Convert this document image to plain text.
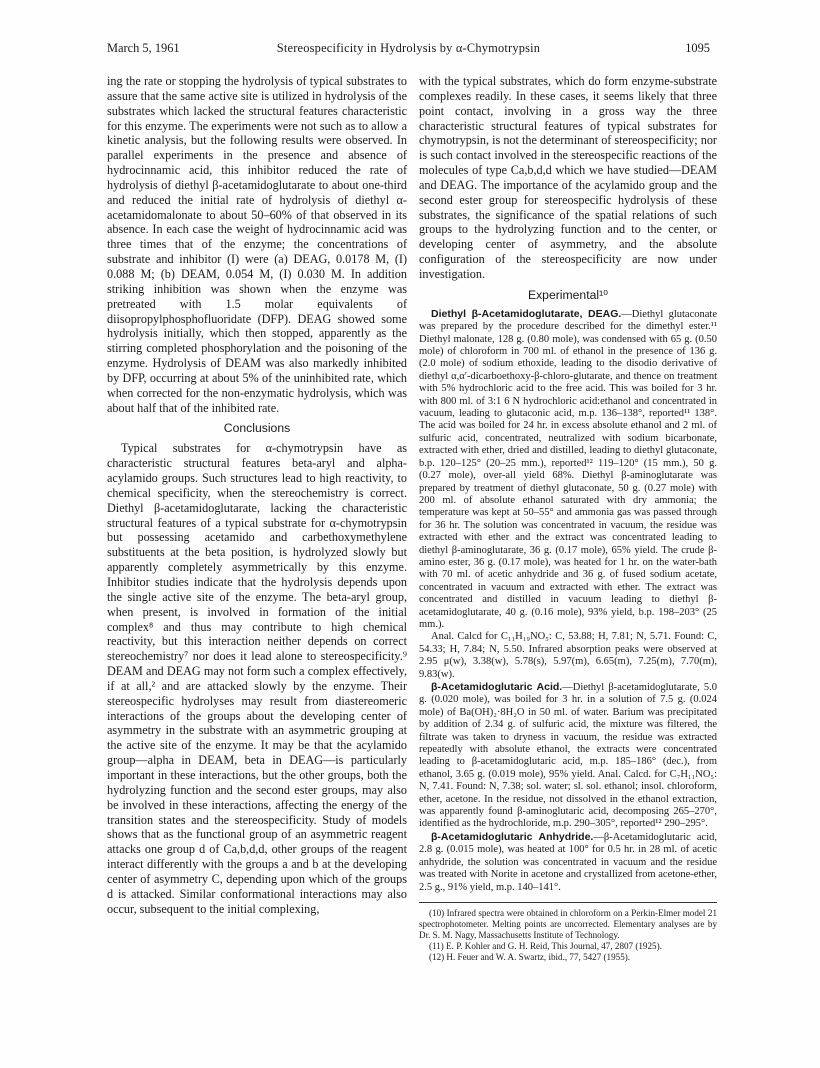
March 5, 1961	Stereospecificity in Hydrolysis by α-Chymotrypsin	1095

ing the rate or stopping the hydrolysis of typical substrates to assure that the same active site is utilized in hydrolysis of the substrates which lacked the structural features characteristic for this enzyme. The experiments were not such as to allow a kinetic analysis, but the following results were observed. In parallel experiments in the presence and absence of hydrocinnamic acid, this inhibitor reduced the rate of hydrolysis of diethyl β-acetamidoglutarate to about one-third and reduced the initial rate of hydrolysis of diethyl α-acetamidomalonate to about 50–60% of that observed in its absence. In each case the weight of hydrocinnamic acid was three times that of the enzyme; the concentrations of substrate and inhibitor (I) were (a) DEAG, 0.0178 M, (I) 0.088 M; (b) DEAM, 0.054 M, (I) 0.030 M. In addition striking inhibition was shown when the enzyme was pretreated with 1.5 molar equivalents of diisopropylphosphofluoridate (DFP). DEAG showed some hydrolysis initially, which then stopped, apparently as the stirring completed phosphorylation and the poisoning of the enzyme. Hydrolysis of DEAM was also markedly inhibited by DFP, occurring at about 5% of the uninhibited rate, which when corrected for the non-enzymatic hydrolysis, which was about half that of the inhibited rate.

Conclusions

Typical substrates for α-chymotrypsin have as characteristic structural features beta-aryl and alpha-acylamido groups. Such structures lead to high reactivity, to chemical specificity, when the stereochemistry is correct. Diethyl β-acetamidoglutarate, lacking the characteristic structural features of a typical substrate for α-chymotrypsin but possessing acetamido and carbethoxymethylene substituents at the beta position, is hydrolyzed slowly but apparently completely asymmetrically by this enzyme. Inhibitor studies indicate that the hydrolysis depends upon the single active site of the enzyme. The beta-aryl group, when present, is involved in formation of the initial complex⁸ and thus may contribute to high chemical reactivity, but this interaction neither depends on correct stereochemistry⁷ nor does it lead alone to stereospecificity.⁹ DEAM and DEAG may not form such a complex effectively, if at all,² and are attacked slowly by the enzyme. Their stereospecific hydrolyses may result from diastereomeric interactions of the groups about the developing center of asymmetry in the substrate with an asymmetric grouping at the active site of the enzyme. It may be that the acylamido group—alpha in DEAM, beta in DEAG—is particularly important in these interactions, but the other groups, both the hydrolyzing function and the second ester groups, may also be involved in these interactions, affecting the energy of the transition states and the stereospecificity. Study of models shows that as the functional group of an asymmetric reagent attacks one group d of Ca,b,d,d, other groups of the reagent interact differently with the groups a and b at the developing center of asymmetry C, depending upon which of the groups d is attacked. Similar conformational interactions may also occur, subsequent to the initial complexing,

with the typical substrates, which do form enzyme-substrate complexes readily. In these cases, it seems likely that three point contact, involving in a gross way the three characteristic structural features of typical substrates for chymotrypsin, is not the determinant of stereospecificity; nor is such contact involved in the stereospecific reactions of the molecules of type Ca,b,d,d which we have studied—DEAM and DEAG. The importance of the acylamido group and the second ester group for stereospecific hydrolysis of these substrates, the significance of the spatial relations of such groups to the hydrolyzing function and to the center, or developing center of asymmetry, and the absolute configuration of the stereospecificity are now under investigation.

Experimental¹⁰

Diethyl β-Acetamidoglutarate, DEAG.—Diethyl glutaconate was prepared by the procedure described for the dimethyl ester.¹¹ Diethyl malonate, 128 g. (0.80 mole), was condensed with 65 g. (0.50 mole) of chloroform in 700 ml. of ethanol in the presence of 136 g. (2.0 mole) of sodium ethoxide, leading to the disodio derivative of diethyl α,α′-dicarboethoxy-β-chloro-glutarate, and thence on treatment with 5% hydrochloric acid to the free acid. This was boiled for 3 hr. with 800 ml. of 3:1 6 N hydrochloric acid:ethanol and concentrated in vacuum, leading to glutaconic acid, m.p. 136–138°, reported¹¹ 138°. The acid was boiled for 24 hr. in excess absolute ethanol and 2 ml. of sulfuric acid, concentrated, neutralized with sodium bicarbonate, extracted with ether, dried and distilled, leading to diethyl glutaconate, b.p. 120–125° (20–25 mm.), reported¹² 119–120° (15 mm.), 50 g. (0.27 mole), over-all yield 68%. Diethyl β-aminoglutarate was prepared by treatment of diethyl glutaconate, 50 g. (0.27 mole) with 200 ml. of absolute ethanol saturated with dry ammonia; the temperature was kept at 50–55° and ammonia gas was passed through for 36 hr. The solution was concentrated in vacuum, the residue was extracted with ether and the extract was concentrated leading to diethyl β-aminoglutarate, 36 g. (0.17 mole), 65% yield. The crude β-amino ester, 36 g. (0.17 mole), was heated for 1 hr. on the water-bath with 70 ml. of acetic anhydride and 36 g. of fused sodium acetate, concentrated in vacuum and extracted with ether. The extract was concentrated and distilled in vacuum leading to diethyl β-acetamidoglutarate, 40 g. (0.16 mole), 93% yield, b.p. 198–203° (25 mm.).

Anal. Calcd for C₁₁H₁₉NO₅: C, 53.88; H, 7.81; N, 5.71. Found: C, 54.33; H, 7.84; N, 5.50. Infrared absorption peaks were observed at 2.95 μ(w), 3.38(w), 5.78(s), 5.97(m), 6.65(m), 7.25(m), 7.70(m), 9.83(w).

β-Acetamidoglutaric Acid.—Diethyl β-acetamidoglutarate, 5.0 g. (0.020 mole), was boiled for 3 hr. in a solution of 7.5 g. (0.024 mole) of Ba(OH)₂·8H₂O in 50 ml. of water. Barium was precipitated by addition of 2.34 g. of sulfuric acid, the mixture was filtered, the filtrate was taken to dryness in vacuum, the residue was extracted repeatedly with absolute ethanol, the extracts were concentrated leading to β-acetamidoglutaric acid, m.p. 185–186° (dec.), from ethanol, 3.65 g. (0.019 mole), 95% yield. Anal. Calcd. for C₇H₁₁NO₅: N, 7.41. Found: N, 7.38; sol. water; sl. sol. ethanol; insol. chloroform, ether, acetone. In the residue, not dissolved in the ethanol extraction, was apparently found β-aminoglutaric acid, decomposing 265–270°, identified as the hydrochloride, m.p. 290–305°, reported¹² 290–295°.

β-Acetamidoglutaric Anhydride.—β-Acetamidoglutaric acid, 2.8 g. (0.015 mole), was heated at 100° for 0.5 hr. in 28 ml. of acetic anhydride, the solution was concentrated in vacuum and the residue was treated with Norite in acetone and crystallized from acetone-ether, 2.5 g., 91% yield, m.p. 140–141°.

(10) Infrared spectra were obtained in chloroform on a Perkin-Elmer model 21 spectrophotometer. Melting points are uncorrected. Elementary analyses are by Dr. S. M. Nagy, Massachusetts Institute of Technology.

(11) E. P. Kohler and G. H. Reid, This Journal, 47, 2807 (1925).

(12) H. Feuer and W. A. Swartz, ibid., 77, 5427 (1955).
